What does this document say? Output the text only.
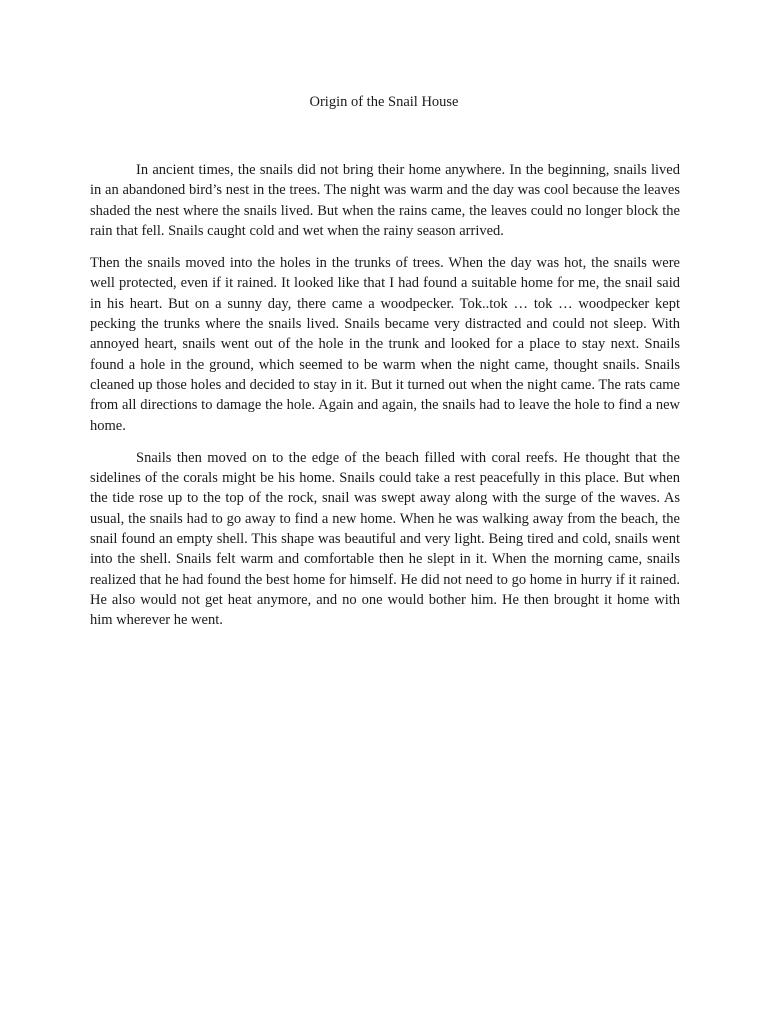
Origin of the Snail House

In ancient times, the snails did not bring their home anywhere. In the beginning, snails lived in an abandoned bird’s nest in the trees. The night was warm and the day was cool because the leaves shaded the nest where the snails lived. But when the rains came, the leaves could no longer block the rain that fell. Snails caught cold and wet when the rainy season arrived.

Then the snails moved into the holes in the trunks of trees. When the day was hot, the snails were well protected, even if it rained. It looked like that I had found a suitable home for me, the snail said in his heart. But on a sunny day, there came a woodpecker. Tok..tok … tok … woodpecker kept pecking the trunks where the snails lived. Snails became very distracted and could not sleep. With annoyed heart, snails went out of the hole in the trunk and looked for a place to stay next. Snails found a hole in the ground, which seemed to be warm when the night came, thought snails. Snails cleaned up those holes and decided to stay in it. But it turned out when the night came. The rats came from all directions to damage the hole. Again and again, the snails had to leave the hole to find a new home.

Snails then moved on to the edge of the beach filled with coral reefs. He thought that the sidelines of the corals might be his home. Snails could take a rest peacefully in this place. But when the tide rose up to the top of the rock, snail was swept away along with the surge of the waves. As usual, the snails had to go away to find a new home. When he was walking away from the beach, the snail found an empty shell. This shape was beautiful and very light. Being tired and cold, snails went into the shell. Snails felt warm and comfortable then he slept in it. When the morning came, snails realized that he had found the best home for himself. He did not need to go home in hurry if it rained. He also would not get heat anymore, and no one would bother him. He then brought it home with him wherever he went.
